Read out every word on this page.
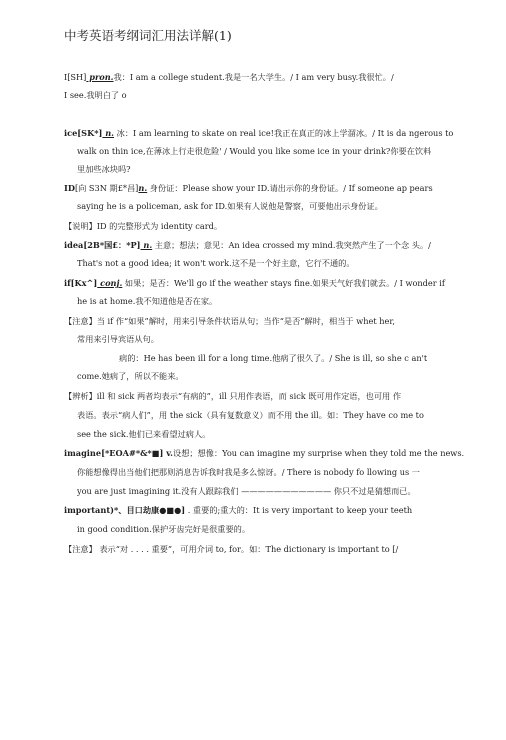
中考英语考纲词汇用法详解(1)
I[SH] pron.我：I am a college student.我是一名大学生。/ I am very busy.我很忙。/
I see.我明白了 o
ice[SK*] n. 冰：I am learning to skate on real ice!我正在真正的冰上学溜冰。/ It is da ngerous to
walk on thin ice,在薄冰上行走很危险' / Would you like some ice in your drink?你要在饮料
里加些冰块吗?
ID[向 S3N 期£*昌]n. 身份证：Please show your ID.请出示你的身份证。/ If someone ap pears
saying he is a policeman, ask for ID.如果有人说他是警察，可要他出示身份证。
【说明】ID 的完整形式为 identity card。
idea[2B*国£：*P] n. 主意；想法；意见：An idea crossed my mind.我突然产生了一个念 头。/
That's not a good idea; it won't work.这不是一个好主意，它行不通的。
if[Kx^] conj. 如果；是否：We'll go if the weather stays fine.如果天气好我们就去。/ I wonder if
he is at home.我不知道他是否在家。
【注意】当 if 作“如果”解时，用来引导条件状语从句；当作“是否”解时，相当于 whet her,
常用来引导宾语从句。
病的：He has been ill for a long time.他病了很久了。/ She is ill, so she c an't
come.她病了，所以不能来。
【辨析】ill 和 sick 两者均表示“有病的”，ill 只用作表语，而 sick 既可用作定语，也可用 作
表语。表示“病人们”，用 the sick（具有复数意义）而不用 the ill。如：They have co me to
see the sick.他们已来看望过病人。
imagine[*EOA#*&*■] v.设想；想像：You can imagine my surprise when they told me the news.
你能想像得出当他们把那则消息告诉我时我是多么惊讶。/ There is nobody fo llowing us 一
you are just imagining it.没有人跟踪我们 ——————————— 你只不过是猜想而已。
important)*、目口劫康●■●] . 重要的;重大的：It is very important to keep your teeth
in good condition.保护牙齿完好是很重要的。
【注意】 表示“对 . . . . 重要”，可用介词 to, for。如：The dictionary is important to [/
